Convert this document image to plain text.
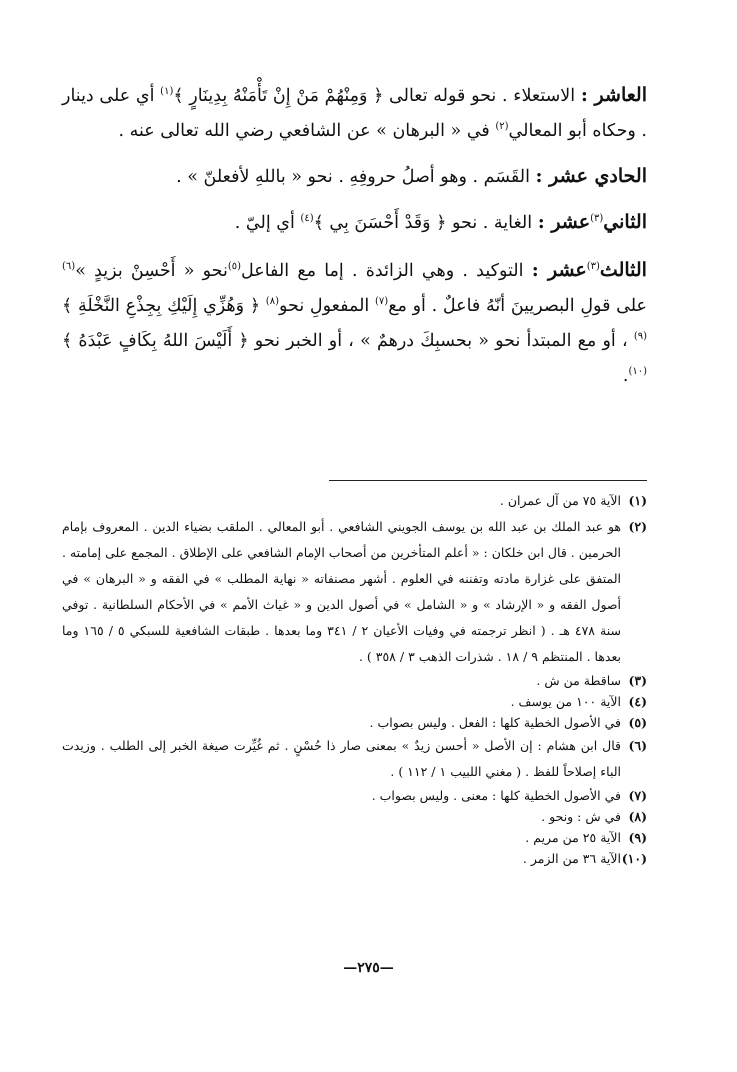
العاشر : الاستعلاء . نحو قوله تعالى ﴿ وَمِنْهُمْ مَنْ إِنْ تَأْمَنْهُ بِدِينَارٍ ﴾$^{(١)}$ أي على دينار . وحكاه أبو المعالي$^{(٢)}$ في « البرهان » عن الشافعي رضي الله تعالى عنه .

الحادي عشر : القَسَم . وهو أصلُ حروفِهِ . نحو « باللهِ لأفعلنّ » .

الثاني$^{(٣)}$عشر : الغاية . نحو ﴿ وَقَدْ أَحْسَنَ بِي ﴾$^{(٤)}$ أي إليّ .

الثالث$^{(٣)}$عشر : التوكيد . وهي الزائدة . إما مع الفاعل$^{(٥)}$نحو « أَحْسِنْ بزيدٍ »$^{(٦)}$ على قولِ البصريينَ أنّهُ فاعلٌ . أو مع$^{(٧)}$ المفعولِ نحو$^{(٨)}$ ﴿ وَهُزِّي إِلَيْكِ بِجِذْعِ النَّخْلَةِ ﴾$^{(٩)}$ ، أو مع المبتدأ نحو « بحسبِكَ درهمٌ » ، أو الخبر نحو ﴿ أَلَيْسَ اللهُ بِكَافٍ عَبْدَهُ ﴾$^{(١٠)}$.

(١)
الآية ٧٥ من آل عمران .

(٢)
هو عبد الملك بن عبد الله بن يوسف الجويني الشافعي . أبو المعالي . الملقب بضياء الدين . المعروف بإمام الحرمين . قال ابن خلكان : « أعلم المتأخرين من أصحاب الإمام الشافعي على الإطلاق . المجمع على إمامته . المتفق على غزارة مادته وتفننه في العلوم . أشهر مصنفاته « نهاية المطلب » في الفقه و « البرهان » في أصول الفقه و « الإرشاد » و « الشامل » في أصول الدين و « غياث الأمم » في الأحكام السلطانية . توفي سنة ٤٧٨ هـ . ( انظر ترجمته في وفيات الأعيان ٢ / ٣٤١ وما بعدها . طبقات الشافعية للسبكي ٥ / ١٦٥ وما بعدها . المنتظم ٩ / ١٨ . شذرات الذهب ٣ / ٣٥٨ ) .

(٣)
ساقطة من ش .

(٤)
الآية ١٠٠ من يوسف .

(٥)
في الأصول الخطية كلها : الفعل . وليس بصواب .

(٦)
قال ابن هشام : إن الأصل « أحسن زيدٌ » بمعنى صار ذا حُسْنٍ . ثم غُيِّرت صيغة الخبر إلى الطلب . وزيدت الباء إصلاحاً للفظ . ( مغني اللبيب ١ / ١١٢ ) .

(٧)
في الأصول الخطية كلها : معنى . وليس بصواب .

(٨)
في ش : ونحو .

(٩)
الآية ٢٥ من مريم .

(١٠)
الآية ٣٦ من الزمر .

—٢٧٥—
